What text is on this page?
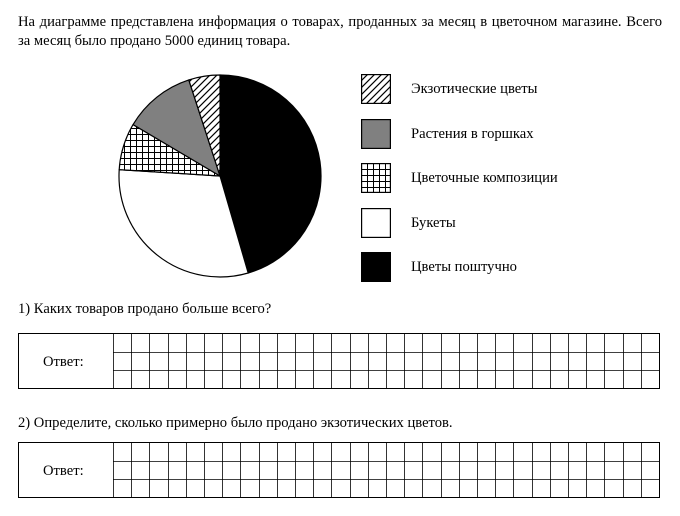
На диаграмме представлена информация о товарах, проданных за месяц в цветочном магазине. Всего за месяц было продано 5000 единиц товара.
Экзотические цветы
Растения в горшках
Цветочные композиции
Букеты
Цветы поштучно
1) Каких товаров продано больше всего?
Ответ:
2) Определите, сколько примерно было продано экзотических цветов.
Ответ:
